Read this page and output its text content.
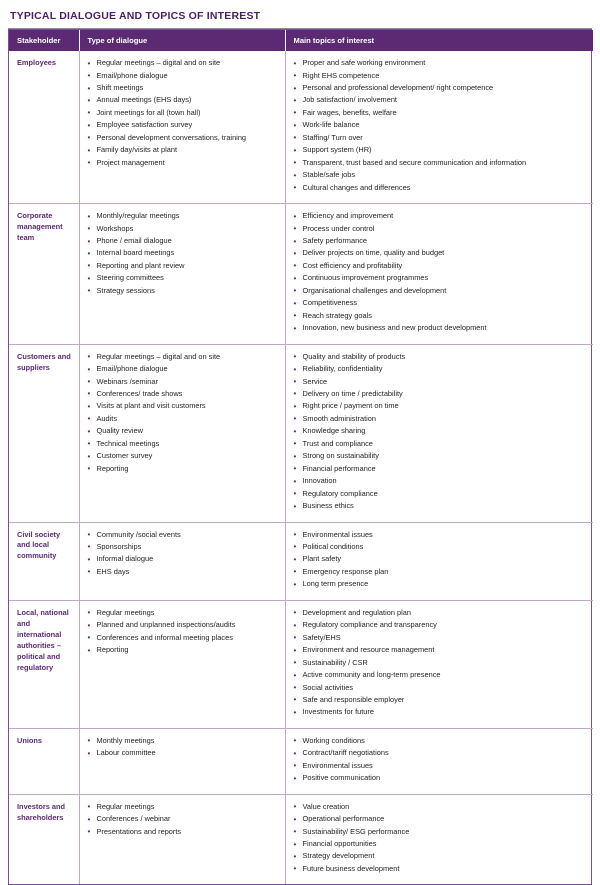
TYPICAL DIALOGUE AND TOPICS OF INTEREST
Stakeholder	Type of dialogue	Main topics of interest
Employees	
•Regular meetings – digital and on site
• Email/phone dialogue
• Shift meetings
• Annual meetings (EHS days)
• Joint meetings for all (town hall)
• Employee satisfaction survey
• Personal development conversations, training
• Family day/visits at plant
• Project management

• Proper and safe working environment
• Right EHS competence
• Personal and professional development/ right competence
• Job satisfaction/ involvement
• Fair wages, benefits, welfare
• Work-life balance
• Staffing/ Turn over
• Support system (HR)
• Transparent, trust based and secure communication and information
• Stable/safe jobs
• Cultural changes and differences

Corporate management team	
• Monthly/regular meetings
• Workshops
• Phone / email dialogue
• Internal board meetings
• Reporting and plant review
• Steering committees
• Strategy sessions

• Efficiency and improvement
• Process under control
• Safety performance
• Deliver projects on time, quality and budget
• Cost efficiency and profitability
• Continuous improvement programmes
• Organisational challenges and development
• Competitiveness
• Reach strategy goals
• Innovation, new business and new product development

Customers and suppliers	
• Regular meetings – digital and on site
• Email/phone dialogue
• Webinars /seminar
• Conferences/ trade shows
• Visits at plant and visit customers
• Audits
• Quality review
• Technical meetings
• Customer survey
• Reporting

• Quality and stability of products
• Reliability, confidentiality
• Service
• Delivery on time / predictability
• Right price / payment on time
• Smooth administration
• Knowledge sharing
• Trust and compliance
• Strong on sustainability
• Financial performance
• Innovation
• Regulatory compliance
• Business ethics

Civil society and local community	
• Community /social events
• Sponsorships
• Informal dialogue
• EHS days

• Environmental issues
• Political conditions
• Plant safety
• Emergency response plan
• Long term presence

Local, national and international authorities – political and regulatory	
• Regular meetings
• Planned and unplanned inspections/audits
• Conferences and informal meeting places
• Reporting

• Development and regulation plan
• Regulatory compliance and transparency
• Safety/EHS
• Environment and resource management
• Sustainability / CSR
• Active community and long-term presence
• Social activities
• Safe and responsible employer
• Investments for future

Unions	
•Monthly meetings
• Labour committee

• Working conditions
• Contract/tariff negotiations
• Environmental issues
• Positive communication

Investors and shareholders	
• Regular meetings
• Conferences / webinar
• Presentations and reports

• Value creation
• Operational performance
• Sustainability/ ESG performance
• Financial opportunities
• Strategy development
• Future business development
